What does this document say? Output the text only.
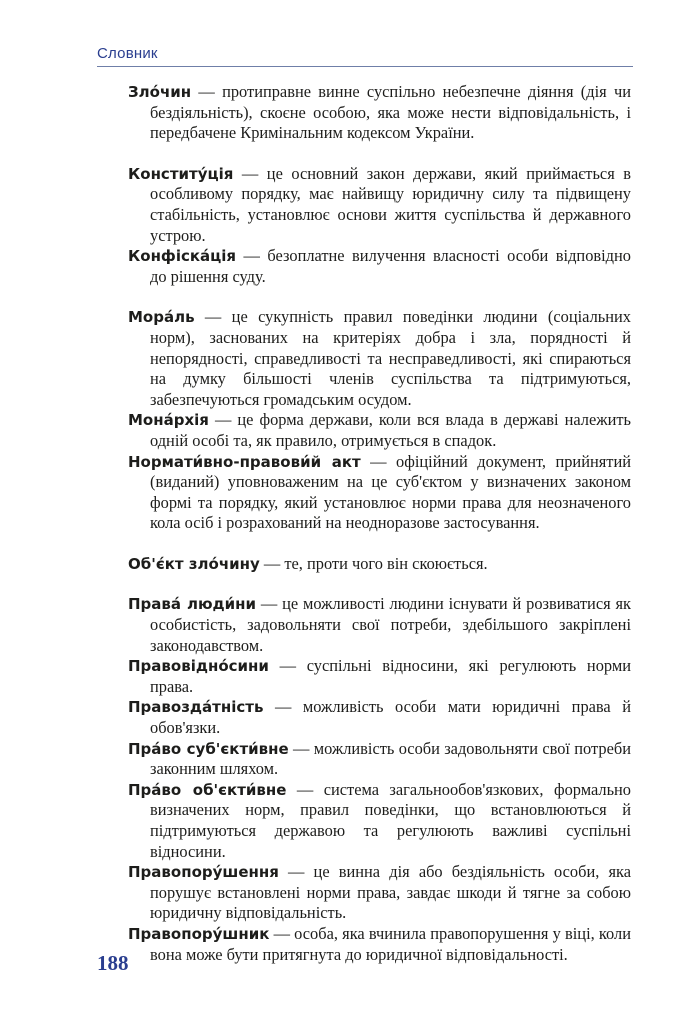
Словник

Зло́чин — протиправне винне суспільно небезпечне діяння (дія чи бездіяльність), скоєне особою, яка може нести відповідальність, і передбачене Кримінальним кодексом України.

Конститу́ція — це основний закон держави, який приймається в особливому порядку, має найвищу юридичну силу та підвищену стабільність, установлює основи життя суспільства й державного устрою.

Конфіска́ція — безоплатне вилучення власності особи відповідно до рішення суду.

Мора́ль — це сукупність правил поведінки людини (соціальних норм), заснованих на критеріях добра і зла, порядності й непорядності, справедливості та несправедливості, які спираються на думку більшості членів суспільства та підтримуються, забезпечуються громадським осудом.

Мона́рхія — це форма держави, коли вся влада в державі належить одній особі та, як правило, отримується в спадок.

Нормати́вно-правови́й акт — офіційний документ, прийнятий (виданий) уповноваженим на це суб'єктом у визначених законом формі та порядку, який установлює норми права для неозначеного кола осіб і розрахований на неодноразове застосування.

Об'є́кт зло́чину — те, проти чого він скоюється.

Права́ люди́ни — це можливості людини існувати й розвиватися як особистість, задовольняти свої потреби, здебільшого закріплені законодавством.

Правовідно́сини — суспільні відносини, які регулюють норми права.

Правозда́тність — можливість особи мати юридичні права й обов'язки.

Пра́во суб'єкти́вне — можливість особи задовольняти свої потреби законним шляхом.

Пра́во об'єкти́вне — система загальнообов'язкових, формально визначених норм, правил поведінки, що встановлюються й підтримуються державою та регулюють важливі суспільні відносини.

Правопору́шення — це винна дія або бездіяльність особи, яка порушує встановлені норми права, завдає шкоди й тягне за собою юридичну відповідальність.

Правопору́шник — особа, яка вчинила правопорушення у віці, коли вона може бути притягнута до юридичної відповідальності.

188
